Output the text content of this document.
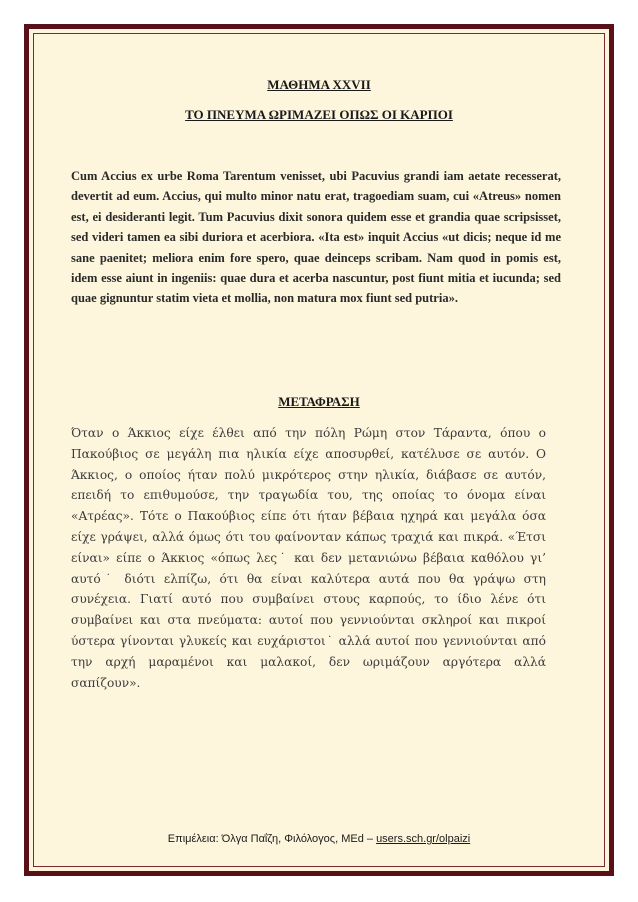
ΜΑΘΗΜΑ XXVII
ΤΟ ΠΝΕΥΜΑ ΩΡΙΜΑΖΕΙ ΟΠΩΣ ΟΙ ΚΑΡΠΟΙ

Cum Accius ex urbe Roma Tarentum venisset, ubi Pacuvius grandi iam aetate recesserat, devertit ad eum. Accius, qui multo minor natu erat, tragoediam suam, cui «Atreus» nomen est, ei desideranti legit. Tum Pacuvius dixit sonora quidem esse et grandia quae scripsisset, sed videri tamen ea sibi duriora et acerbiora. «Ita est» inquit Accius «ut dicis; neque id me sane paenitet; meliora enim fore spero, quae deinceps scribam. Nam quod in pomis est, idem esse aiunt in ingeniis: quae dura et acerba nascuntur, post fiunt mitia et iucunda; sed quae gignuntur statim vieta et mollia, non matura mox fiunt sed putria».

ΜΕΤΑΦΡΑΣΗ

Όταν ο Άκκιος είχε έλθει από την πόλη Ρώμη στον Τάραντα, όπου ο Πακούβιος σε μεγάλη πια ηλικία είχε αποσυρθεί, κατέλυσε σε αυτόν. Ο Άκκιος, ο οποίος ήταν πολύ μικρότερος στην ηλικία, διάβασε σε αυτόν, επειδή το επιθυμούσε, την τραγωδία του, της οποίας το όνομα είναι «Ατρέας». Τότε ο Πακούβιος είπε ότι ήταν βέβαια ηχηρά και μεγάλα όσα είχε γράψει, αλλά όμως ότι του φαίνονταν κάπως τραχιά και πικρά. «Έτσι είναι» είπε ο Άκκιος «όπως λες˙ και δεν μετανιώνω βέβαια καθόλου γι’ αυτό˙ διότι ελπίζω, ότι θα είναι καλύτερα αυτά που θα γράψω στη συνέχεια. Γιατί αυτό που συμβαίνει στους καρπούς, το ίδιο λένε ότι συμβαίνει και στα πνεύματα: αυτοί που γεννιούνται σκληροί και πικροί ύστερα γίνονται γλυκείς και ευχάριστοι˙ αλλά αυτοί που γεννιούνται από την αρχή μαραμένοι και μαλακοί, δεν ωριμάζουν αργότερα αλλά σαπίζουν».

Επιμέλεια: Όλγα Παΐζη, Φιλόλογος, MEd – users.sch.gr/olpaizi
